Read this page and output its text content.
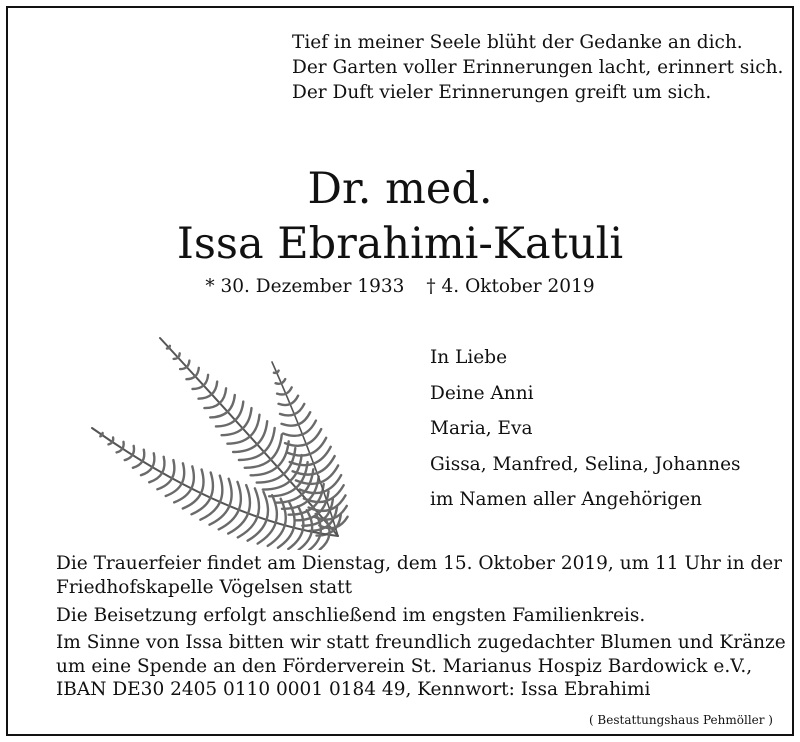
Tief in meiner Seele blüht der Gedanke an dich.
Der Garten voller Erinnerungen lacht, erinnert sich.
Der Duft vieler Erinnerungen greift um sich.
Dr. med.
Issa Ebrahimi-Katuli
* 30. Dezember 1933 † 4. Oktober 2019
In Liebe
Deine Anni
Maria, Eva
Gissa, Manfred, Selina, Johannes
im Namen aller Angehörigen
Die Trauerfeier findet am Dienstag, dem 15. Oktober 2019, um 11 Uhr in der
Friedhofskapelle Vögelsen statt
Die Beisetzung erfolgt anschließend im engsten Familienkreis.
Im Sinne von Issa bitten wir statt freundlich zugedachter Blumen und Kränze
um eine Spende an den Förderverein St. Marianus Hospiz Bardowick e.V.,
IBAN DE30 2405 0110 0001 0184 49, Kennwort: Issa Ebrahimi
( Bestattungshaus Pehmöller )
